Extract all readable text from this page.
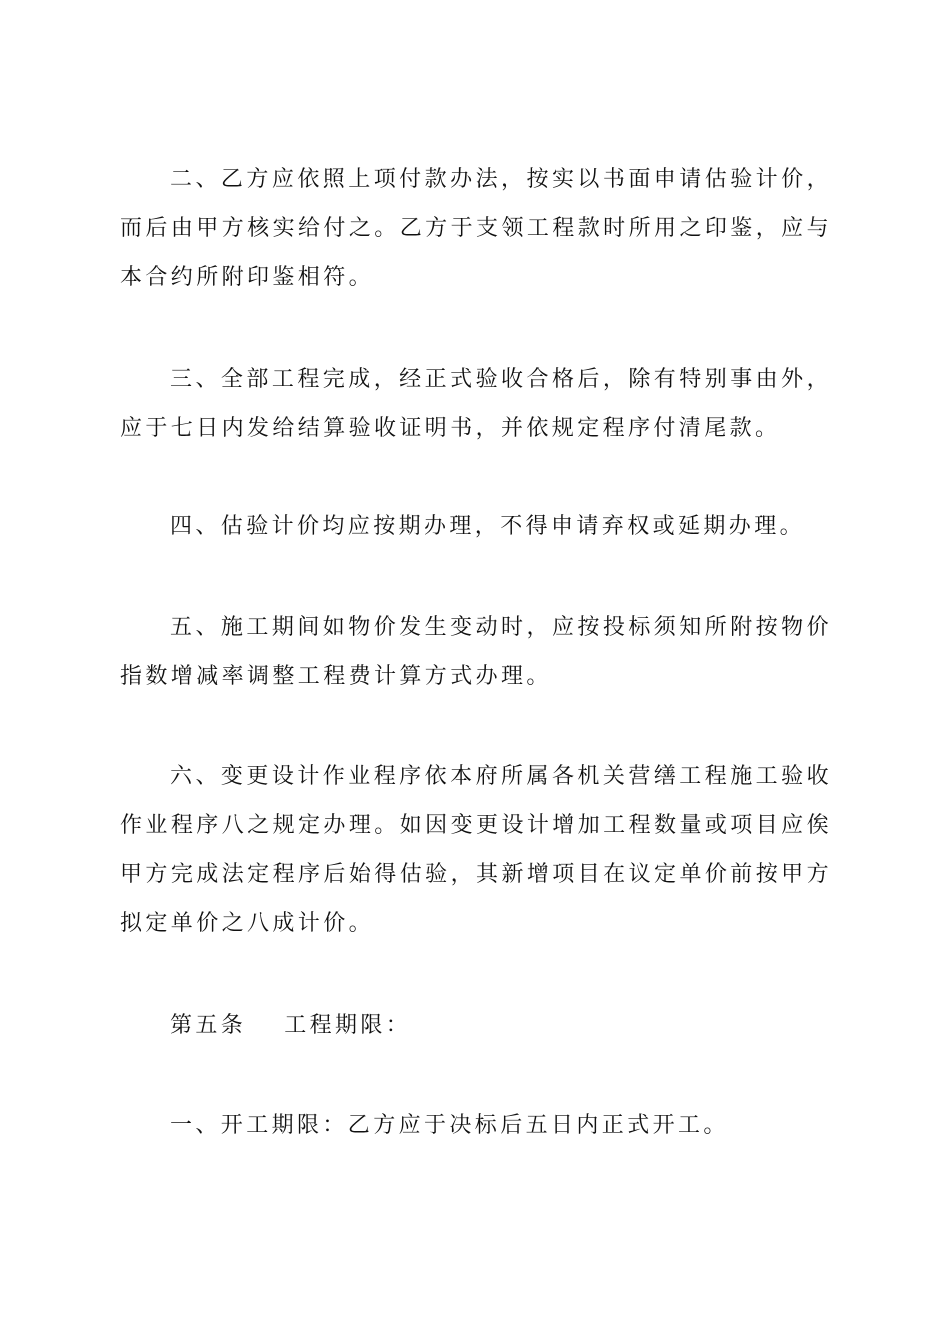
二、乙方应依照上项付款办法，按实以书面申请估验计价，而后由甲方核实给付之。乙方于支领工程款时所用之印鉴，应与本合约所附印鉴相符。

三、全部工程完成，经正式验收合格后，除有特别事由外，应于七日内发给结算验收证明书，并依规定程序付清尾款。

四、估验计价均应按期办理，不得申请弃权或延期办理。

五、施工期间如物价发生变动时，应按投标须知所附按物价指数增减率调整工程费计算方式办理。

六、变更设计作业程序依本府所属各机关营缮工程施工验收作业程序八之规定办理。如因变更设计增加工程数量或项目应俟甲方完成法定程序后始得估验，其新增项目在议定单价前按甲方拟定单价之八成计价。

第五条 工程期限：

一、开工期限：乙方应于决标后五日内正式开工。
